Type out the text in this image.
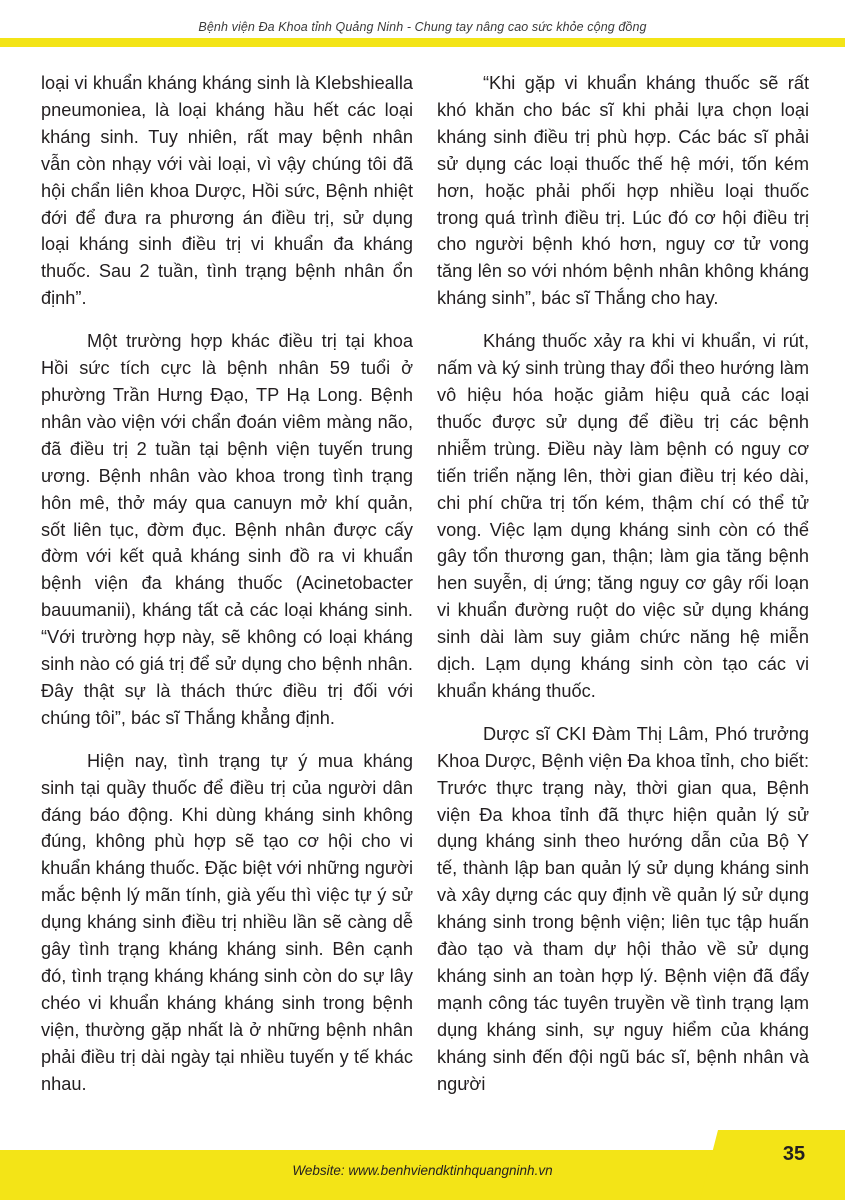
Bệnh viện Đa Khoa tỉnh Quảng Ninh - Chung tay nâng cao sức khỏe cộng đồng

loại vi khuẩn kháng kháng sinh là Klebshiealla pneumoniea, là loại kháng hầu hết các loại kháng sinh. Tuy nhiên, rất may bệnh nhân vẫn còn nhạy với vài loại, vì vậy chúng tôi đã hội chẩn liên khoa Dược, Hồi sức, Bệnh nhiệt đới để đưa ra phương án điều trị, sử dụng loại kháng sinh điều trị vi khuẩn đa kháng thuốc. Sau 2 tuần, tình trạng bệnh nhân ổn định”.

Một trường hợp khác điều trị tại khoa Hồi sức tích cực là bệnh nhân 59 tuổi ở phường Trần Hưng Đạo, TP Hạ Long. Bệnh nhân vào viện với chẩn đoán viêm màng não, đã điều trị 2 tuần tại bệnh viện tuyến trung ương. Bệnh nhân vào khoa trong tình trạng hôn mê, thở máy qua canuyn mở khí quản, sốt liên tục, đờm đục. Bệnh nhân được cấy đờm với kết quả kháng sinh đồ ra vi khuẩn bệnh viện đa kháng thuốc (Acinetobacter bauumanii), kháng tất cả các loại kháng sinh. “Với trường hợp này, sẽ không có loại kháng sinh nào có giá trị để sử dụng cho bệnh nhân. Đây thật sự là thách thức điều trị đối với chúng tôi”, bác sĩ Thắng khẳng định.

Hiện nay, tình trạng tự ý mua kháng sinh tại quầy thuốc để điều trị của người dân đáng báo động. Khi dùng kháng sinh không đúng, không phù hợp sẽ tạo cơ hội cho vi khuẩn kháng thuốc. Đặc biệt với những người mắc bệnh lý mãn tính, già yếu thì việc tự ý sử dụng kháng sinh điều trị nhiều lần sẽ càng dễ gây tình trạng kháng kháng sinh. Bên cạnh đó, tình trạng kháng kháng sinh còn do sự lây chéo vi khuẩn kháng kháng sinh trong bệnh viện, thường gặp nhất là ở những bệnh nhân phải điều trị dài ngày tại nhiều tuyến y tế khác nhau.

“Khi gặp vi khuẩn kháng thuốc sẽ rất khó khăn cho bác sĩ khi phải lựa chọn loại kháng sinh điều trị phù hợp. Các bác sĩ phải sử dụng các loại thuốc thế hệ mới, tốn kém hơn, hoặc phải phối hợp nhiều loại thuốc trong quá trình điều trị. Lúc đó cơ hội điều trị cho người bệnh khó hơn, nguy cơ tử vong tăng lên so với nhóm bệnh nhân không kháng kháng sinh”, bác sĩ Thắng cho hay.

Kháng thuốc xảy ra khi vi khuẩn, vi rút, nấm và ký sinh trùng thay đổi theo hướng làm vô hiệu hóa hoặc giảm hiệu quả các loại thuốc được sử dụng để điều trị các bệnh nhiễm trùng. Điều này làm bệnh có nguy cơ tiến triển nặng lên, thời gian điều trị kéo dài, chi phí chữa trị tốn kém, thậm chí có thể tử vong. Việc lạm dụng kháng sinh còn có thể gây tổn thương gan, thận; làm gia tăng bệnh hen suyễn, dị ứng; tăng nguy cơ gây rối loạn vi khuẩn đường ruột do việc sử dụng kháng sinh dài làm suy giảm chức năng hệ miễn dịch. Lạm dụng kháng sinh còn tạo các vi khuẩn kháng thuốc.

Dược sĩ CKI Đàm Thị Lâm, Phó trưởng Khoa Dược, Bệnh viện Đa khoa tỉnh, cho biết: Trước thực trạng này, thời gian qua, Bệnh viện Đa khoa tỉnh đã thực hiện quản lý sử dụng kháng sinh theo hướng dẫn của Bộ Y tế, thành lập ban quản lý sử dụng kháng sinh và xây dựng các quy định về quản lý sử dụng kháng sinh trong bệnh viện; liên tục tập huấn đào tạo và tham dự hội thảo về sử dụng kháng sinh an toàn hợp lý. Bệnh viện đã đẩy mạnh công tác tuyên truyền về tình trạng lạm dụng kháng sinh, sự nguy hiểm của kháng kháng sinh đến đội ngũ bác sĩ, bệnh nhân và người

35
Website: www.benhviendktinhquangninh.vn
